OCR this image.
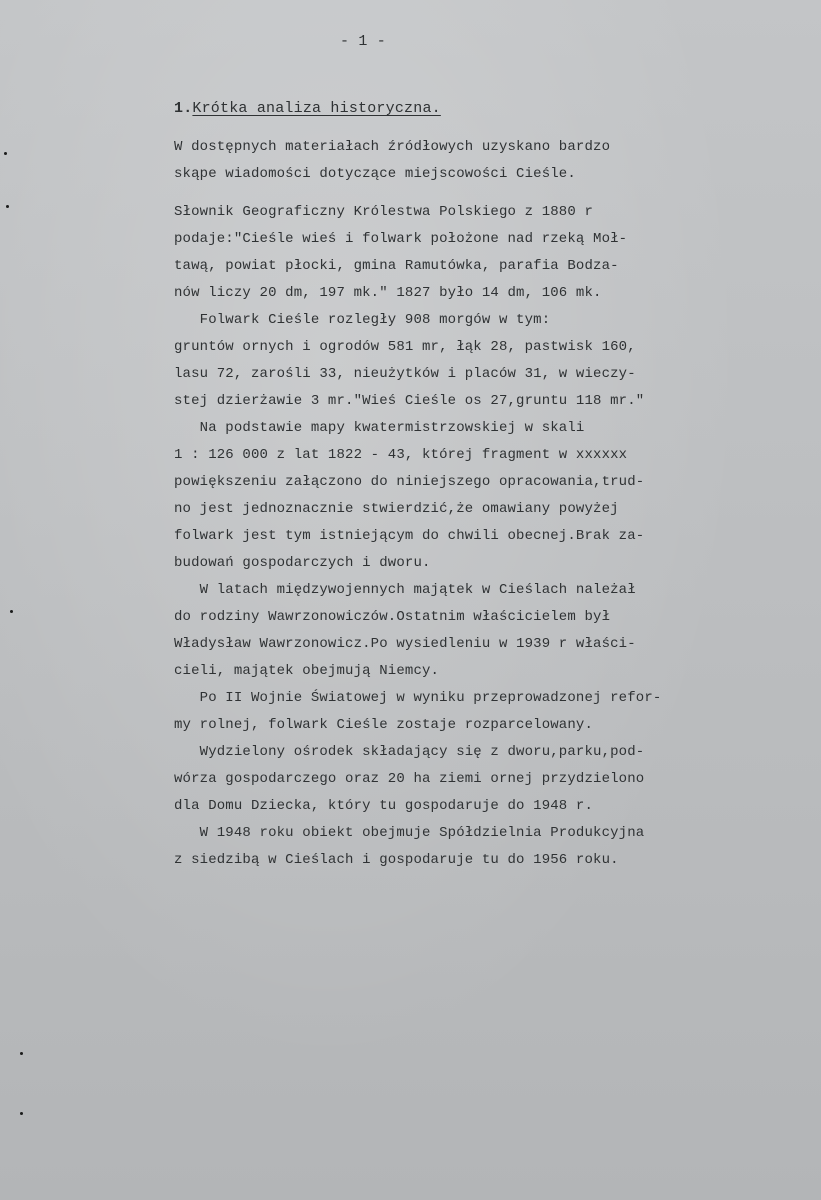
- 1 -
1.Krótka analiza historyczna.
W dostępnych materiałach źródłowych uzyskano bardzo
skąpe wiadomości dotyczące miejscowości Cieśle.
Słownik Geograficzny Królestwa Polskiego z 1880 r
podaje:"Cieśle wieś i folwark położone nad rzeką Moł-
tawą, powiat płocki, gmina Ramutówka, parafia Bodza-
nów liczy 20 dm, 197 mk." 1827 było 14 dm, 106 mk.
Folwark Cieśle rozległy 908 morgów w tym:
gruntów ornych i ogrodów 581 mr, łąk 28, pastwisk 160,
lasu 72, zarośli 33, nieużytków i placów 31, w wieczy-
stej dzierżawie 3 mr."Wieś Cieśle os 27,gruntu 118 mr."
Na podstawie mapy kwatermistrzowskiej w skali
1 : 126 000 z lat 1822 - 43, której fragment w xxxxxx
powiększeniu załączono do niniejszego opracowania,trud-
no jest jednoznacznie stwierdzić,że omawiany powyżej
folwark jest tym istniejącym do chwili obecnej.Brak za-
budowań gospodarczych i dworu.
W latach międzywojennych majątek w Cieślach należał
do rodziny Wawrzonowiczów.Ostatnim właścicielem był
Władysław Wawrzonowicz.Po wysiedleniu w 1939 r właści-
cieli, majątek obejmują Niemcy.
Po II Wojnie Światowej w wyniku przeprowadzonej refor-
my rolnej, folwark Cieśle zostaje rozparcelowany.
Wydzielony ośrodek składający się z dworu,parku,pod-
wórza gospodarczego oraz 20 ha ziemi ornej przydzielono
dla Domu Dziecka, który tu gospodaruje do 1948 r.
W 1948 roku obiekt obejmuje Spółdzielnia Produkcyjna
z siedzibą w Cieślach i gospodaruje tu do 1956 roku.
